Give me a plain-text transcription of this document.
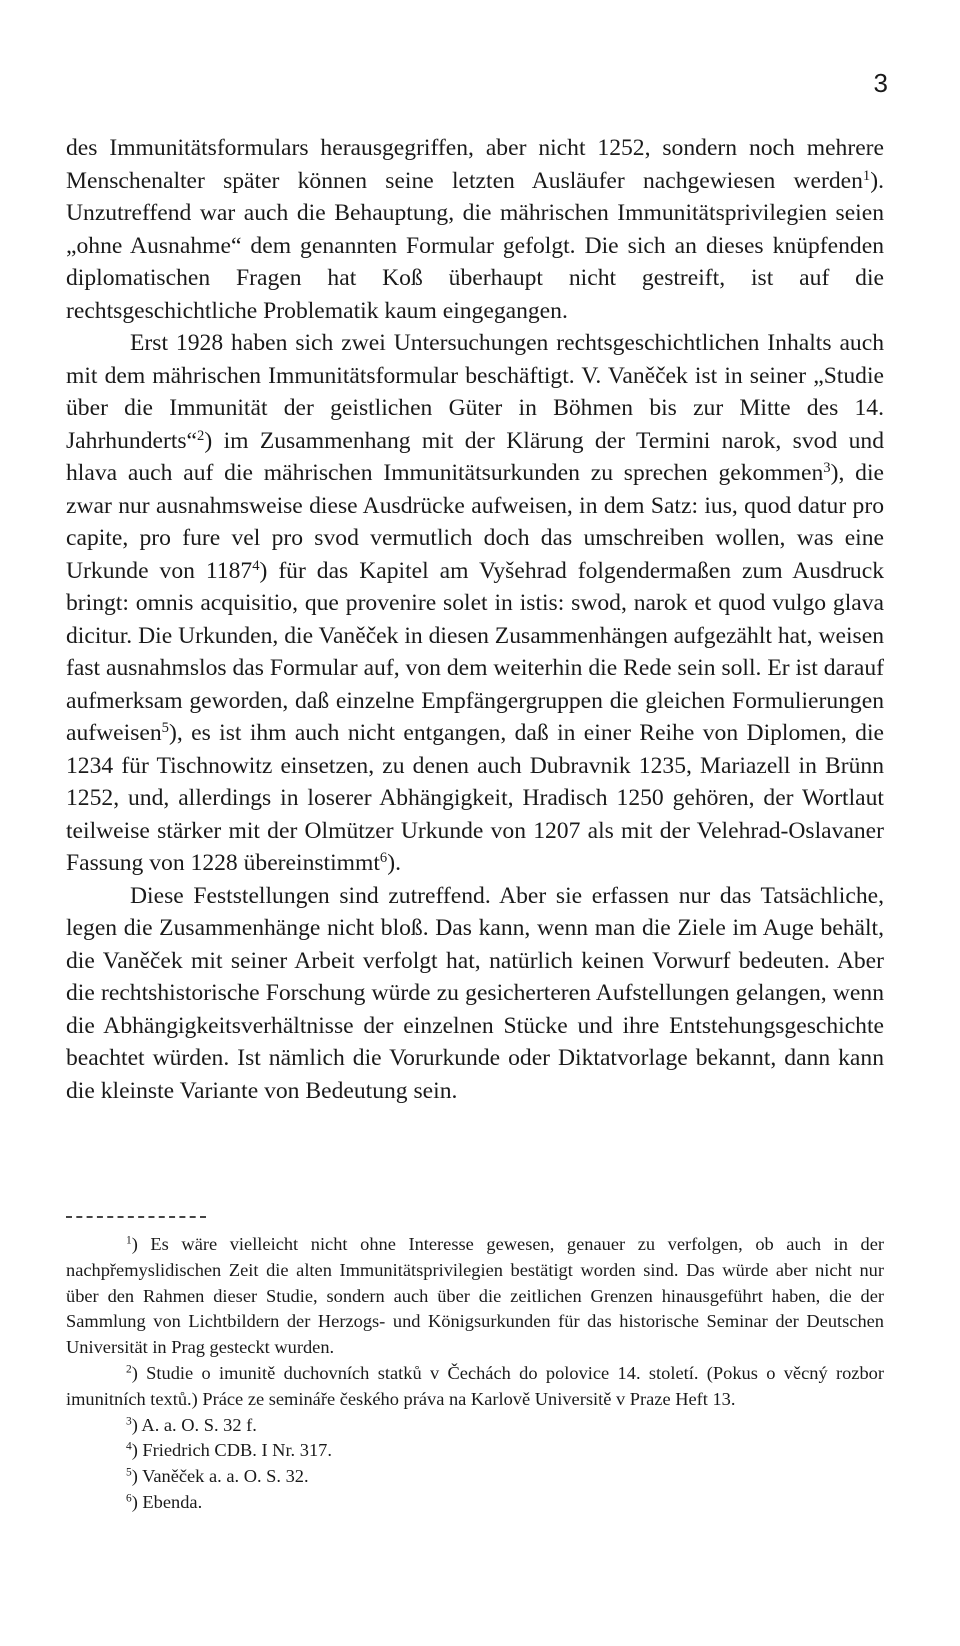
3

des Immunitätsformulars herausgegriffen, aber nicht 1252, sondern noch mehrere Menschenalter später können seine letzten Ausläufer nachgewiesen werden$^1$). Unzutreffend war auch die Behauptung, die mährischen Immunitätsprivilegien seien „ohne Ausnahme“ dem genannten Formular gefolgt. Die sich an dieses knüpfenden diplomatischen Fragen hat Koß überhaupt nicht gestreift, ist auf die rechtsgeschichtliche Problematik kaum eingegangen.

Erst 1928 haben sich zwei Untersuchungen rechtsgeschichtlichen Inhalts auch mit dem mährischen Immunitätsformular beschäftigt. V. Vaněček ist in seiner „Studie über die Immunität der geistlichen Güter in Böhmen bis zur Mitte des 14. Jahrhunderts“$^2$) im Zusammenhang mit der Klärung der Termini narok, svod und hlava auch auf die mährischen Immunitätsurkunden zu sprechen gekommen$^3$), die zwar nur ausnahmsweise diese Ausdrücke aufweisen, in dem Satz: ius, quod datur pro capite, pro fure vel pro svod vermutlich doch das umschreiben wollen, was eine Urkunde von 1187$^4$) für das Kapitel am Vyšehrad folgendermaßen zum Ausdruck bringt: omnis acquisitio, que provenire solet in istis: swod, narok et quod vulgo glava dicitur. Die Urkunden, die Vaněček in diesen Zusammenhängen aufgezählt hat, weisen fast ausnahmslos das Formular auf, von dem weiterhin die Rede sein soll. Er ist darauf aufmerksam geworden, daß einzelne Empfängergruppen die gleichen Formulierungen aufweisen$^5$), es ist ihm auch nicht entgangen, daß in einer Reihe von Diplomen, die 1234 für Tischnowitz einsetzen, zu denen auch Dubravnik 1235, Mariazell in Brünn 1252, und, allerdings in loserer Abhängigkeit, Hradisch 1250 gehören, der Wortlaut teilweise stärker mit der Olmützer Urkunde von 1207 als mit der Velehrad-Oslavaner Fassung von 1228 übereinstimmt$^6$).

Diese Feststellungen sind zutreffend. Aber sie erfassen nur das Tatsächliche, legen die Zusammenhänge nicht bloß. Das kann, wenn man die Ziele im Auge behält, die Vaněček mit seiner Arbeit verfolgt hat, natürlich keinen Vorwurf bedeuten. Aber die rechtshistorische Forschung würde zu gesicherteren Aufstellungen gelangen, wenn die Abhängigkeitsverhältnisse der einzelnen Stücke und ihre Entstehungsgeschichte beachtet würden. Ist nämlich die Vorurkunde oder Diktatvorlage bekannt, dann kann die kleinste Variante von Bedeutung sein.

$^1$) Es wäre vielleicht nicht ohne Interesse gewesen, genauer zu verfolgen, ob auch in der nachpřemyslidischen Zeit die alten Immunitätsprivilegien bestätigt worden sind. Das würde aber nicht nur über den Rahmen dieser Studie, sondern auch über die zeitlichen Grenzen hinausgeführt haben, die der Sammlung von Lichtbildern der Herzogs- und Königsurkunden für das historische Seminar der Deutschen Universität in Prag gesteckt wurden.

$^2$) Studie o imunitě duchovních statků v Čechách do polovice 14. století. (Pokus o věcný rozbor imunitních textů.) Práce ze semináře českého práva na Karlově Universitě v Praze Heft 13.

$^3$) A. a. O. S. 32 f.

$^4$) Friedrich CDB. I Nr. 317.

$^5$) Vaněček a. a. O. S. 32.

$^6$) Ebenda.
